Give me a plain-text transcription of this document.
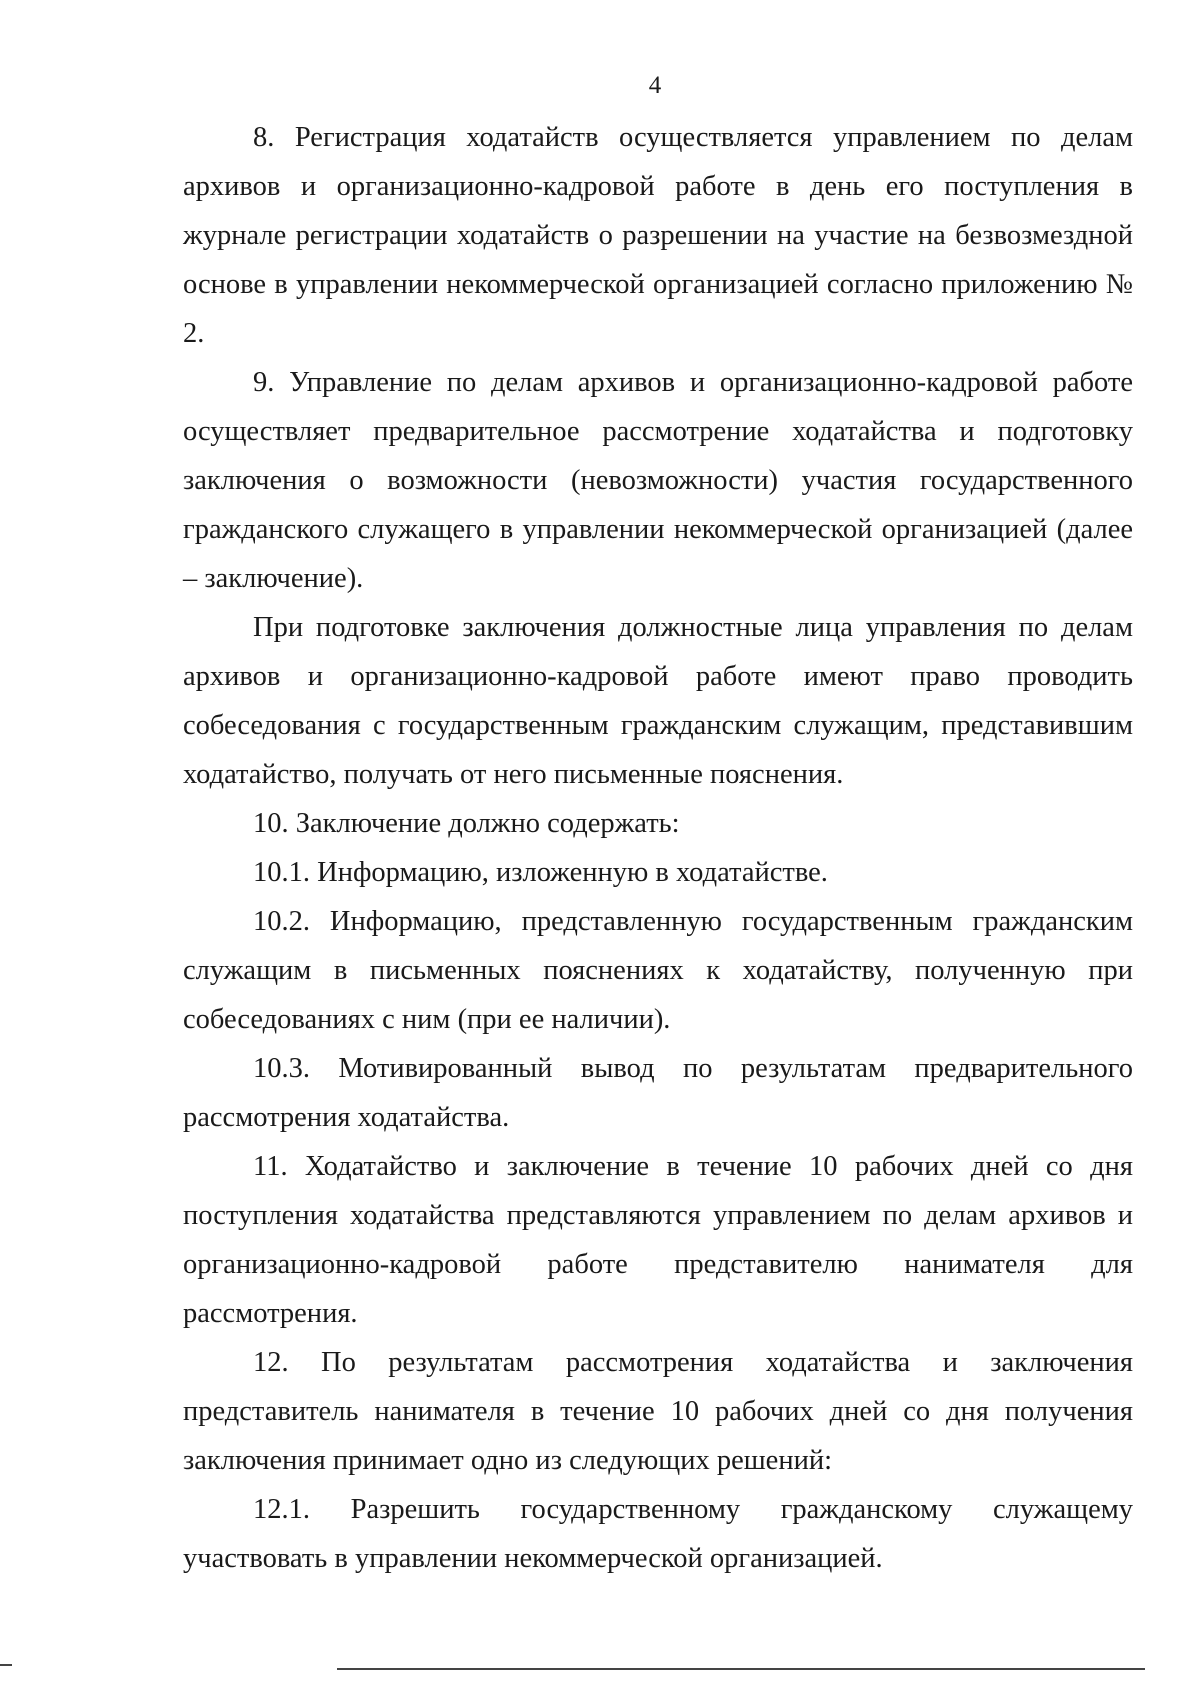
4

8. Регистрация ходатайств осуществляется управлением по делам архивов и организационно-кадровой работе в день его поступления в журнале регистрации ходатайств о разрешении на участие на безвозмездной основе в управлении некоммерческой организацией согласно приложению № 2.

9. Управление по делам архивов и организационно-кадровой работе осуществляет предварительное рассмотрение ходатайства и подготовку заключения о возможности (невозможности) участия государственного гражданского служащего в управлении некоммерческой организацией (далее – заключение).

При подготовке заключения должностные лица управления по делам архивов и организационно-кадровой работе имеют право проводить собеседования с государственным гражданским служащим, представившим ходатайство, получать от него письменные пояснения.

10. Заключение должно содержать:

10.1. Информацию, изложенную в ходатайстве.

10.2. Информацию, представленную государственным гражданским служащим в письменных пояснениях к ходатайству, полученную при собеседованиях с ним (при ее наличии).

10.3. Мотивированный вывод по результатам предварительного рассмотрения ходатайства.

11. Ходатайство и заключение в течение 10 рабочих дней со дня поступления ходатайства представляются управлением по делам архивов и организационно-кадровой работе представителю нанимателя для рассмотрения.

12. По результатам рассмотрения ходатайства и заключения представитель нанимателя в течение 10 рабочих дней со дня получения заключения принимает одно из следующих решений:

12.1. Разрешить государственному гражданскому служащему участвовать в управлении некоммерческой организацией.
